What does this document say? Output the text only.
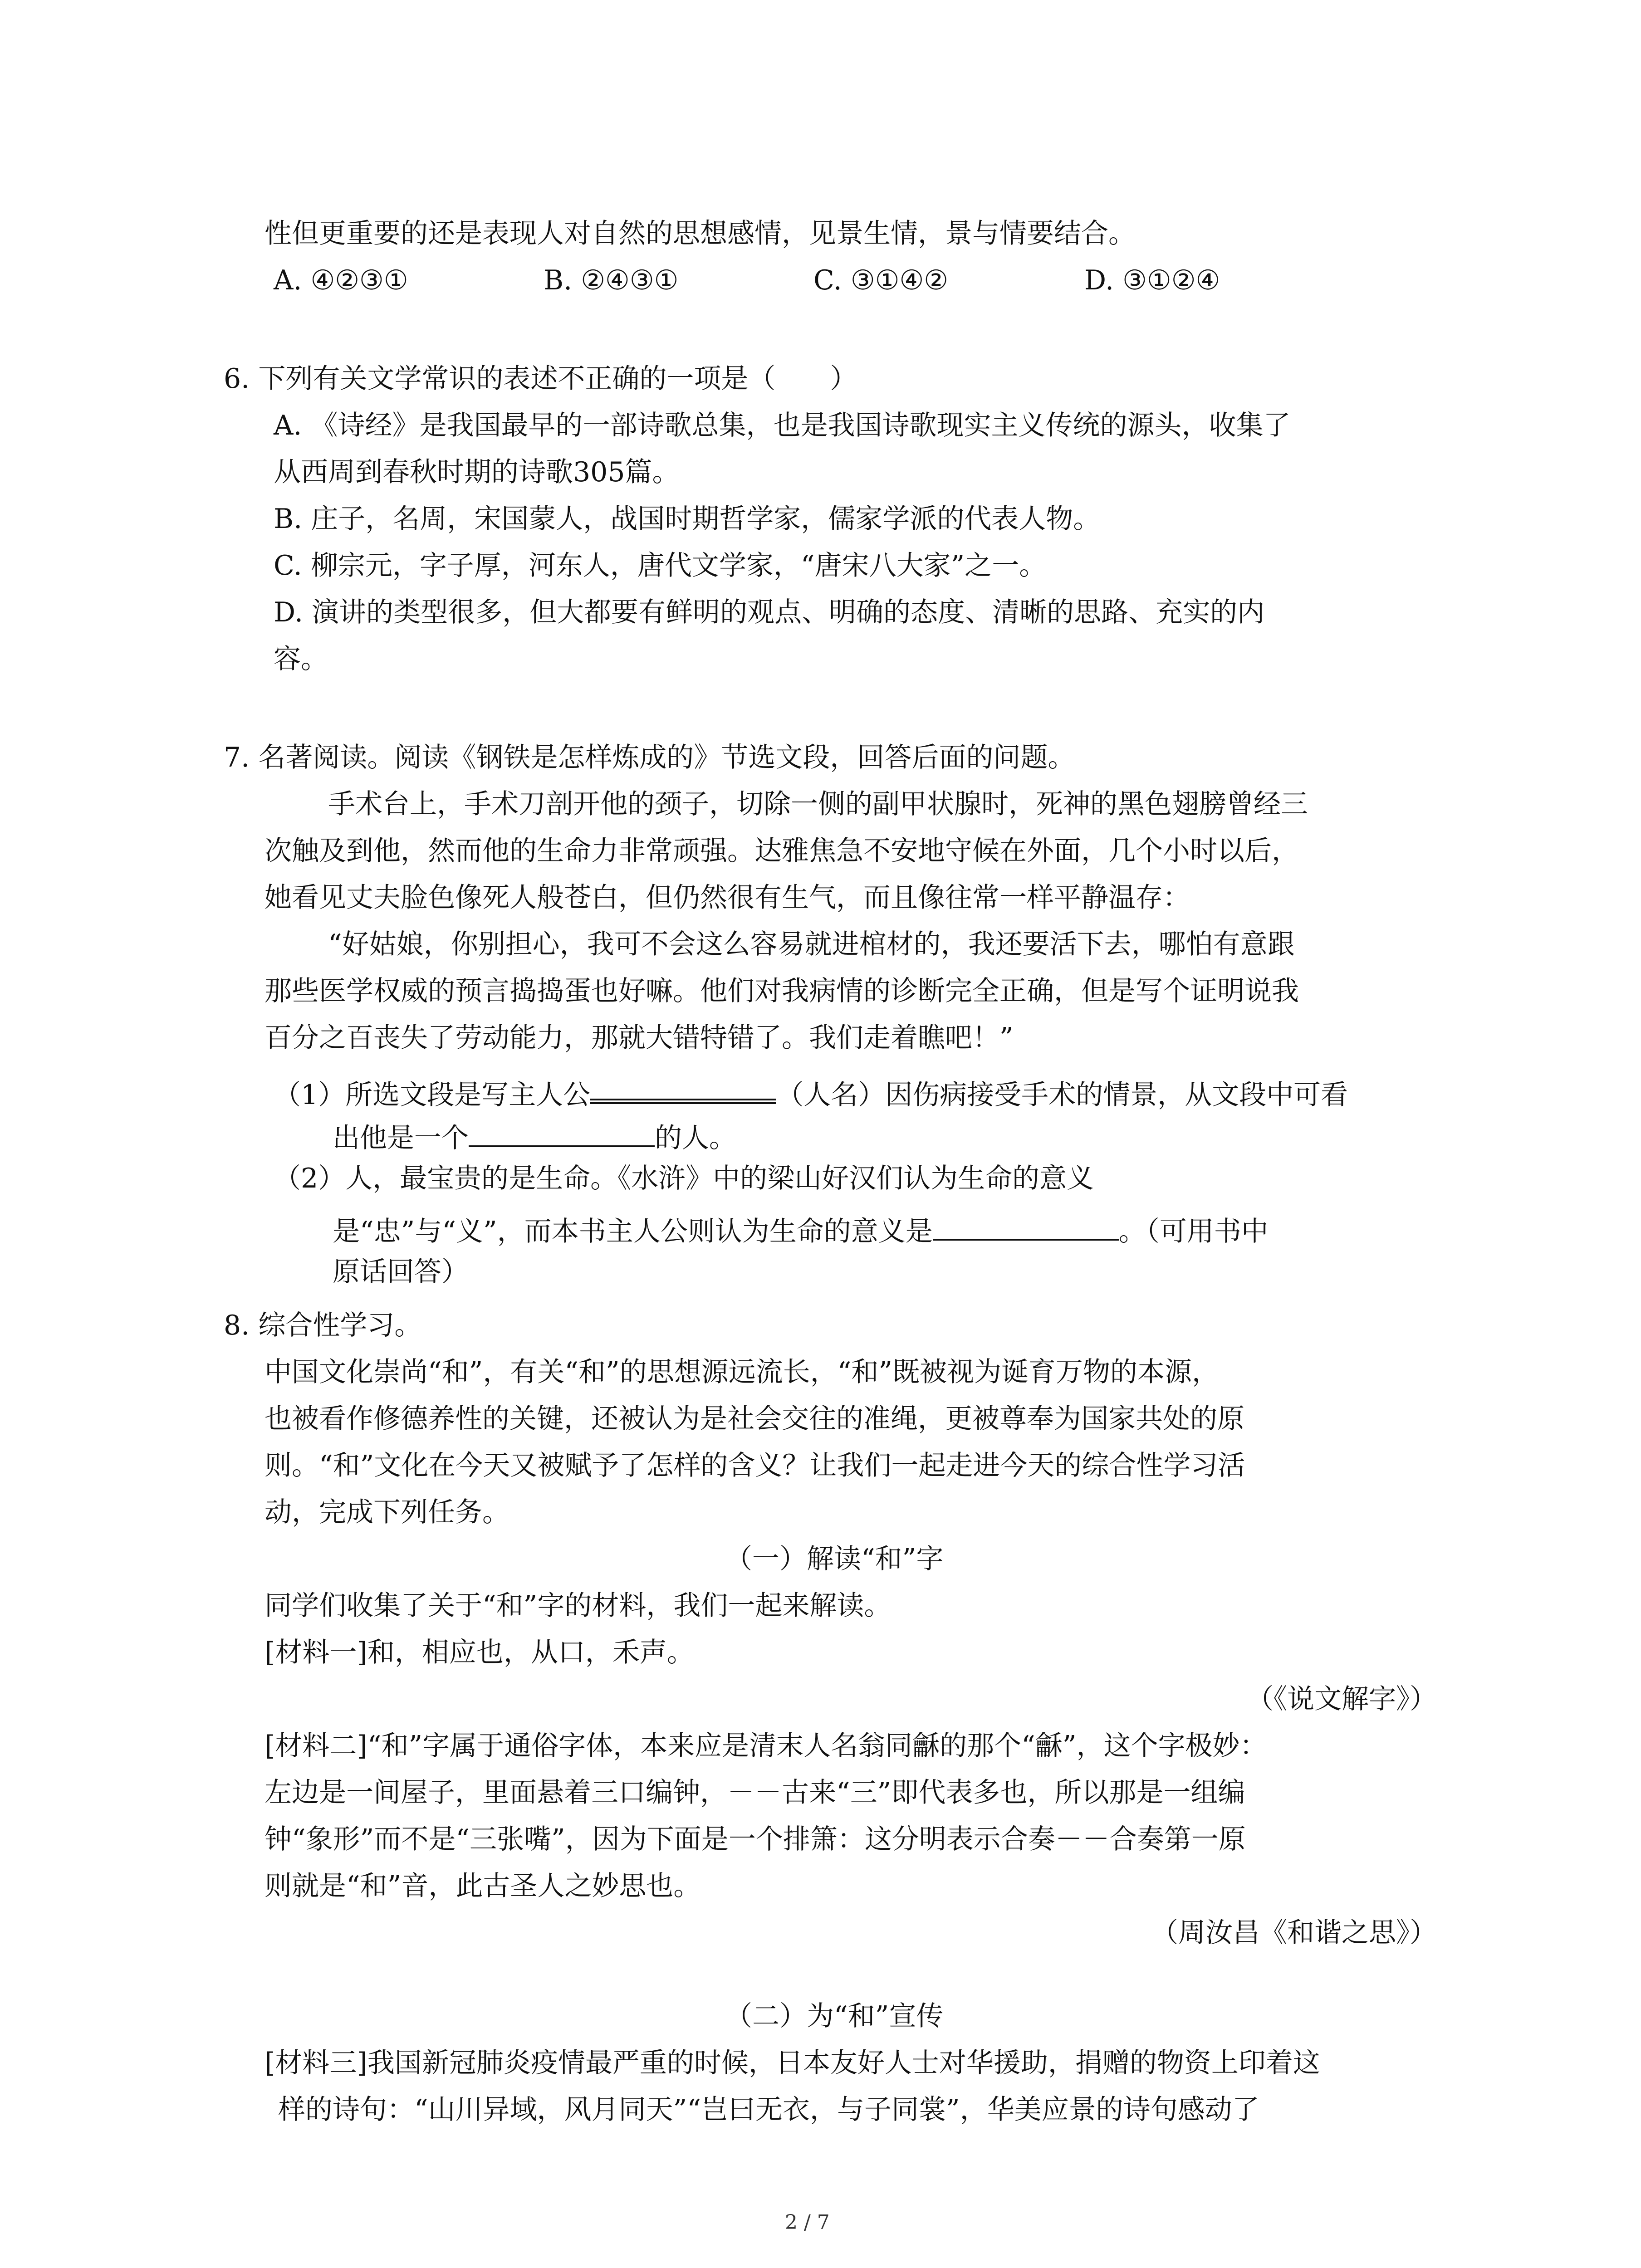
性但更重要的还是表现人对自然的思想感情，见景生情，景与情要结合。
A. ④②③①	B. ②④③①	C. ③①④②	D. ③①②④
6. 下列有关文学常识的表述不正确的一项是（　　）
A. 《诗经》是我国最早的一部诗歌总集，也是我国诗歌现实主义传统的源头，收集了
从西周到春秋时期的诗歌305篇。
B. 庄子，名周，宋国蒙人，战国时期哲学家，儒家学派的代表人物。
C. 柳宗元，字子厚，河东人，唐代文学家，“唐宋八大家”之一。
D. 演讲的类型很多，但大都要有鲜明的观点、明确的态度、清晰的思路、充实的内
容。
7. 名著阅读。阅读《钢铁是怎样炼成的》节选文段，回答后面的问题。
手术台上，手术刀剖开他的颈子，切除一侧的副甲状腺时，死神的黑色翅膀曾经三
次触及到他，然而他的生命力非常顽强。达雅焦急不安地守候在外面，几个小时以后，
她看见丈夫脸色像死人般苍白，但仍然很有生气，而且像往常一样平静温存：
“好姑娘，你别担心，我可不会这么容易就进棺材的，我还要活下去，哪怕有意跟
那些医学权威的预言捣捣蛋也好嘛。他们对我病情的诊断完全正确，但是写个证明说我
百分之百丧失了劳动能力，那就大错特错了。我们走着瞧吧！”
（1）所选文段是写主人公	（人名）因伤病接受手术的情景，从文段中可看
出他是一个	的人。
（2）人，最宝贵的是生命。《水浒》中的梁山好汉们认为生命的意义
是“忠”与“义”，而本书主人公则认为生命的意义是	。（可用书中
原话回答）
8. 综合性学习。
中国文化崇尚“和”，有关“和”的思想源远流长，“和”既被视为诞育万物的本源，
也被看作修德养性的关键，还被认为是社会交往的准绳，更被尊奉为国家共处的原
则。“和”文化在今天又被赋予了怎样的含义？让我们一起走进今天的综合性学习活
动，完成下列任务。
（一）解读“和”字
同学们收集了关于“和”字的材料，我们一起来解读。
[材料一]和，相应也，从口，禾声。
（《说文解字》）
[材料二]“和”字属于通俗字体，本来应是清末人名翁同龢的那个“龢”，这个字极妙：
左边是一间屋子，里面悬着三口编钟，－－古来“三”即代表多也，所以那是一组编
钟“象形”而不是“三张嘴”，因为下面是一个排箫：这分明表示合奏－－合奏第一原
则就是“和”音，此古圣人之妙思也。
（周汝昌《和谐之思》）
（二）为“和”宣传
[材料三]我国新冠肺炎疫情最严重的时候，日本友好人士对华援助，捐赠的物资上印着这
样的诗句：“山川异域，风月同天”“岂曰无衣，与子同裳”，华美应景的诗句感动了
2 / 7
